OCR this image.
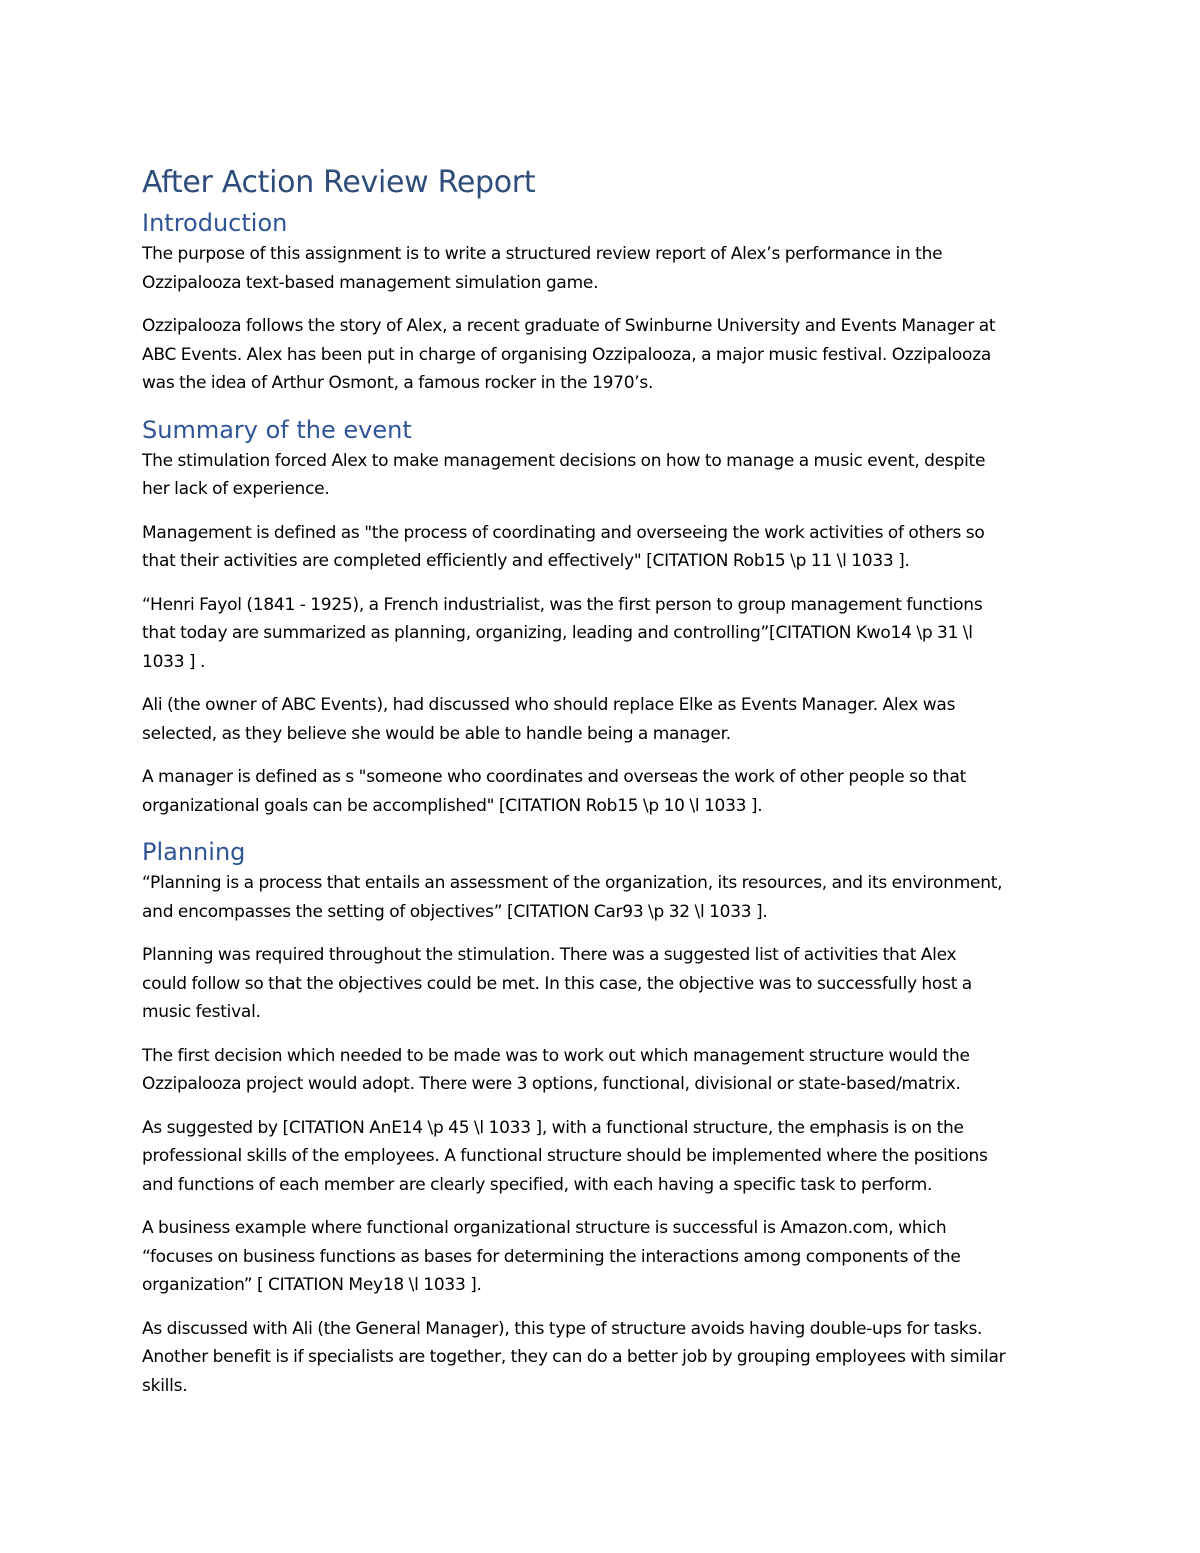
After Action Review Report
Introduction
The purpose of this assignment is to write a structured review report of Alex’s performance in the
Ozzipalooza text-based management simulation game.
Ozzipalooza follows the story of Alex, a recent graduate of Swinburne University and Events Manager at
ABC Events. Alex has been put in charge of organising Ozzipalooza, a major music festival. Ozzipalooza
was the idea of Arthur Osmont, a famous rocker in the 1970’s.
Summary of the event
The stimulation forced Alex to make management decisions on how to manage a music event, despite
her lack of experience.
Management is defined as "the process of coordinating and overseeing the work activities of others so
that their activities are completed efficiently and effectively" [CITATION Rob15 \p 11 \l 1033 ].
“Henri Fayol (1841 - 1925), a French industrialist, was the first person to group management functions
that today are summarized as planning, organizing, leading and controlling”[CITATION Kwo14 \p 31 \l
1033 ] .
Ali (the owner of ABC Events), had discussed who should replace Elke as Events Manager. Alex was
selected, as they believe she would be able to handle being a manager.
A manager is defined as s "someone who coordinates and overseas the work of other people so that
organizational goals can be accomplished" [CITATION Rob15 \p 10 \l 1033 ].
Planning
“Planning is a process that entails an assessment of the organization, its resources, and its environment,
and encompasses the setting of objectives” [CITATION Car93 \p 32 \l 1033 ].
Planning was required throughout the stimulation. There was a suggested list of activities that Alex
could follow so that the objectives could be met. In this case, the objective was to successfully host a
music festival.
The first decision which needed to be made was to work out which management structure would the
Ozzipalooza project would adopt. There were 3 options, functional, divisional or state-based/matrix.
As suggested by [CITATION AnE14 \p 45 \l 1033 ], with a functional structure, the emphasis is on the
professional skills of the employees. A functional structure should be implemented where the positions
and functions of each member are clearly specified, with each having a specific task to perform.
A business example where functional organizational structure is successful is Amazon.com, which
“focuses on business functions as bases for determining the interactions among components of the
organization” [ CITATION Mey18 \l 1033 ].
As discussed with Ali (the General Manager), this type of structure avoids having double-ups for tasks.
Another benefit is if specialists are together, they can do a better job by grouping employees with similar
skills.
